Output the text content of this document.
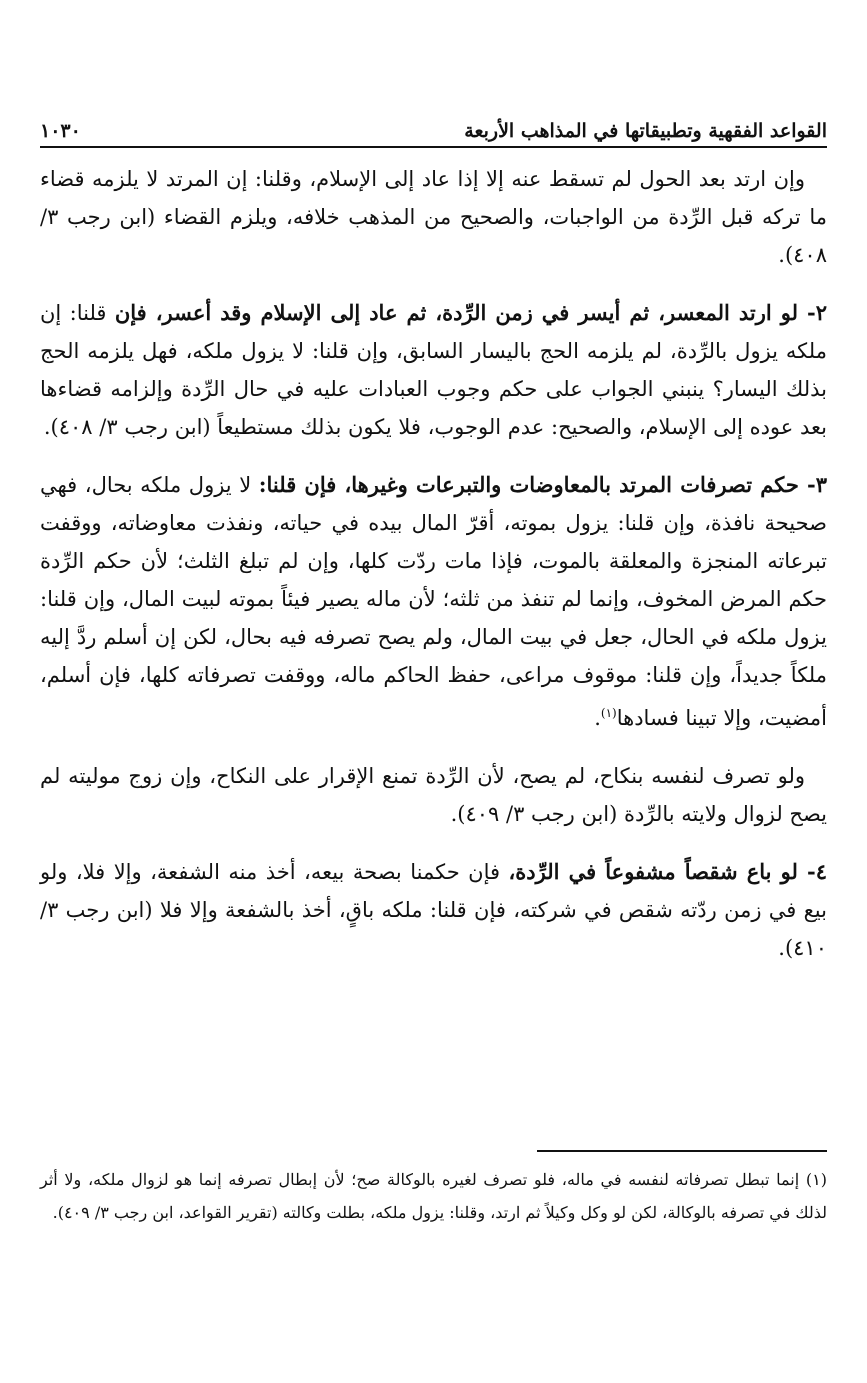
١٠٣٠	القواعد الفقهية وتطبيقاتها في المذاهب الأربعة

وإن ارتد بعد الحول لم تسقط عنه إلا إذا عاد إلى الإسلام، وقلنا: إن المرتد لا يلزمه قضاء ما تركه قبل الرِّدة من الواجبات، والصحيح من المذهب خلافه، ويلزم القضاء (ابن رجب ٣/ ٤٠٨).

٢- لو ارتد المعسر، ثم أيسر في زمن الرِّدة، ثم عاد إلى الإسلام وقد أعسر، فإن قلنا: إن ملكه يزول بالرِّدة، لم يلزمه الحج باليسار السابق، وإن قلنا: لا يزول ملكه، فهل يلزمه الحج بذلك اليسار؟ ينبني الجواب على حكم وجوب العبادات عليه في حال الرِّدة وإلزامه قضاءها بعد عوده إلى الإسلام، والصحيح: عدم الوجوب، فلا يكون بذلك مستطيعاً (ابن رجب ٣/ ٤٠٨).

٣- حكم تصرفات المرتد بالمعاوضات والتبرعات وغيرها، فإن قلنا: لا يزول ملكه بحال، فهي صحيحة نافذة، وإن قلنا: يزول بموته، أقرّ المال بيده في حياته، ونفذت معاوضاته، ووقفت تبرعاته المنجزة والمعلقة بالموت، فإذا مات ردّت كلها، وإن لم تبلغ الثلث؛ لأن حكم الرِّدة حكم المرض المخوف، وإنما لم تنفذ من ثلثه؛ لأن ماله يصير فيئاً بموته لبيت المال، وإن قلنا: يزول ملكه في الحال، جعل في بيت المال، ولم يصح تصرفه فيه بحال، لكن إن أسلم ردَّ إليه ملكاً جديداً، وإن قلنا: موقوف مراعى، حفظ الحاكم ماله، ووقفت تصرفاته كلها، فإن أسلم، أمضيت، وإلا تبينا فسادها$^{(١)}$.

ولو تصرف لنفسه بنكاح، لم يصح، لأن الرِّدة تمنع الإقرار على النكاح، وإن زوج موليته لم يصح لزوال ولايته بالرِّدة (ابن رجب ٣/ ٤٠٩).

٤- لو باع شقصاً مشفوعاً في الرِّدة، فإن حكمنا بصحة بيعه، أخذ منه الشفعة، وإلا فلا، ولو بيع في زمن ردّته شقص في شركته، فإن قلنا: ملكه باقٍ، أخذ بالشفعة وإلا فلا (ابن رجب ٣/ ٤١٠).

(١) إنما تبطل تصرفاته لنفسه في ماله، فلو تصرف لغيره بالوكالة صح؛ لأن إبطال تصرفه إنما هو لزوال ملكه، ولا أثر لذلك في تصرفه بالوكالة، لكن لو وكل وكيلاً ثم ارتد، وقلنا: يزول ملكه، بطلت وكالته (تقرير القواعد، ابن رجب ٣/ ٤٠٩).
